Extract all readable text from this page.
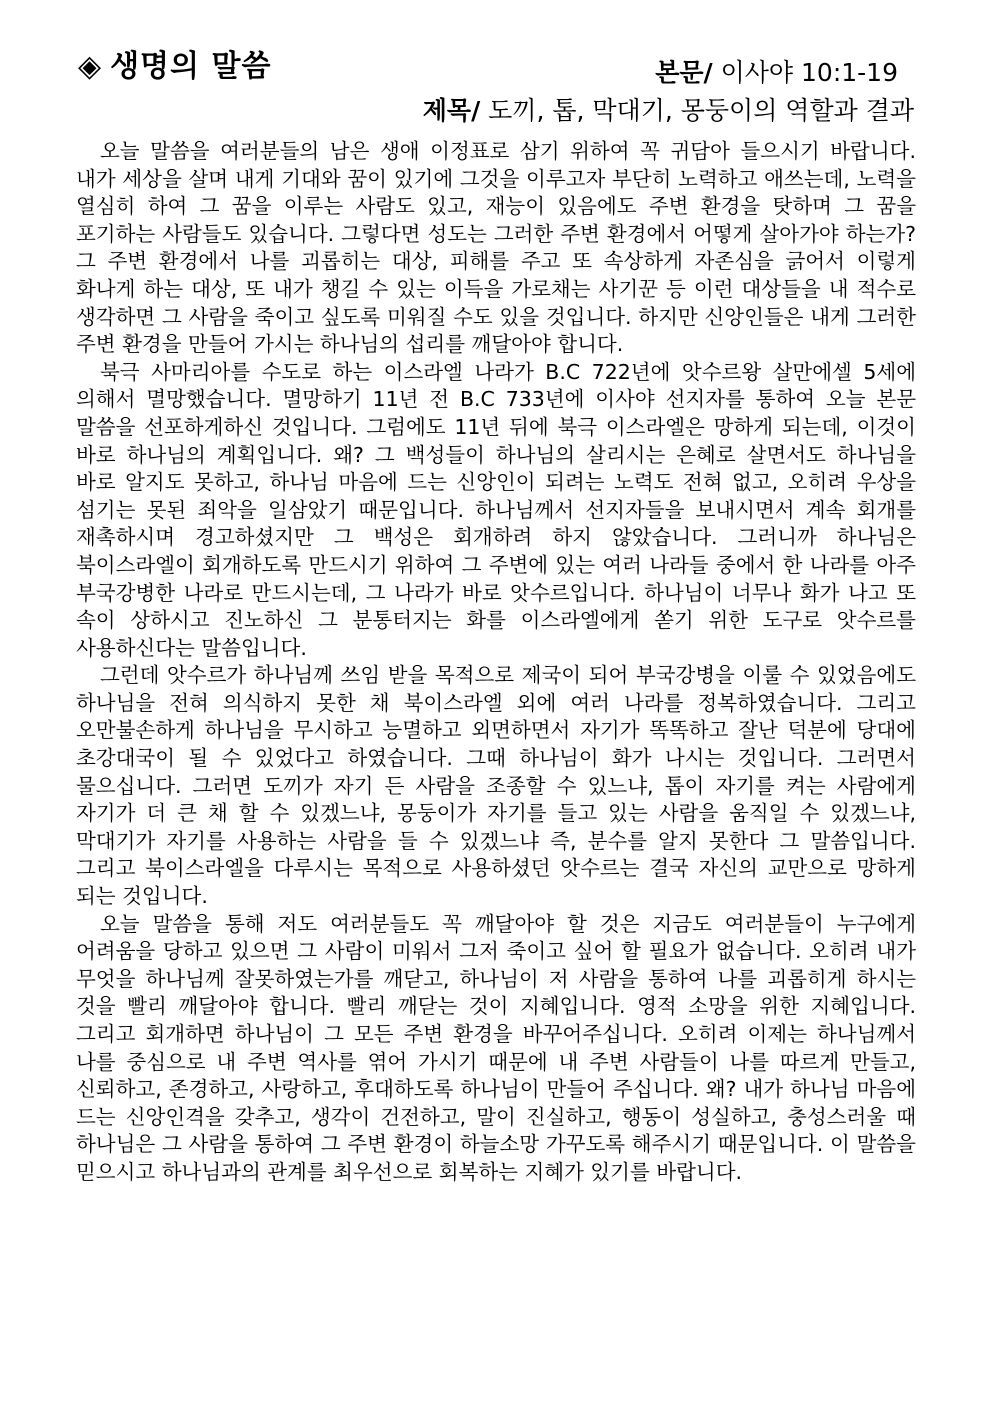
◈ 생명의 말씀	본문/ 이사야 10:1-19
제목/ 도끼, 톱, 막대기, 몽둥이의 역할과 결과

오늘 말씀을 여러분들의 남은 생애 이정표로 삼기 위하여 꼭 귀담아 들으시기 바랍니다. 내가 세상을 살며 내게 기대와 꿈이 있기에 그것을 이루고자 부단히 노력하고 애쓰는데, 노력을 열심히 하여 그 꿈을 이루는 사람도 있고, 재능이 있음에도 주변 환경을 탓하며 그 꿈을 포기하는 사람들도 있습니다. 그렇다면 성도는 그러한 주변 환경에서 어떻게 살아가야 하는가? 그 주변 환경에서 나를 괴롭히는 대상, 피해를 주고 또 속상하게 자존심을 긁어서 이렇게 화나게 하는 대상, 또 내가 챙길 수 있는 이득을 가로채는 사기꾼 등 이런 대상들을 내 적수로 생각하면 그 사람을 죽이고 싶도록 미워질 수도 있을 것입니다. 하지만 신앙인들은 내게 그러한 주변 환경을 만들어 가시는 하나님의 섭리를 깨달아야 합니다.

북극 사마리아를 수도로 하는 이스라엘 나라가 B.C 722년에 앗수르왕 살만에셀 5세에 의해서 멸망했습니다. 멸망하기 11년 전 B.C 733년에 이사야 선지자를 통하여 오늘 본문 말씀을 선포하게하신 것입니다. 그럼에도 11년 뒤에 북극 이스라엘은 망하게 되는데, 이것이 바로 하나님의 계획입니다. 왜? 그 백성들이 하나님의 살리시는 은혜로 살면서도 하나님을 바로 알지도 못하고, 하나님 마음에 드는 신앙인이 되려는 노력도 전혀 없고, 오히려 우상을 섬기는 못된 죄악을 일삼았기 때문입니다. 하나님께서 선지자들을 보내시면서 계속 회개를 재촉하시며 경고하셨지만 그 백성은 회개하려 하지 않았습니다. 그러니까 하나님은 북이스라엘이 회개하도록 만드시기 위하여 그 주변에 있는 여러 나라들 중에서 한 나라를 아주 부국강병한 나라로 만드시는데, 그 나라가 바로 앗수르입니다. 하나님이 너무나 화가 나고 또 속이 상하시고 진노하신 그 분통터지는 화를 이스라엘에게 쏟기 위한 도구로 앗수르를 사용하신다는 말씀입니다.

그런데 앗수르가 하나님께 쓰임 받을 목적으로 제국이 되어 부국강병을 이룰 수 있었음에도 하나님을 전혀 의식하지 못한 채 북이스라엘 외에 여러 나라를 정복하였습니다. 그리고 오만불손하게 하나님을 무시하고 능멸하고 외면하면서 자기가 똑똑하고 잘난 덕분에 당대에 초강대국이 될 수 있었다고 하였습니다. 그때 하나님이 화가 나시는 것입니다. 그러면서 물으십니다. 그러면 도끼가 자기 든 사람을 조종할 수 있느냐, 톱이 자기를 켜는 사람에게 자기가 더 큰 채 할 수 있겠느냐, 몽둥이가 자기를 들고 있는 사람을 움직일 수 있겠느냐, 막대기가 자기를 사용하는 사람을 들 수 있겠느냐 즉, 분수를 알지 못한다 그 말씀입니다. 그리고 북이스라엘을 다루시는 목적으로 사용하셨던 앗수르는 결국 자신의 교만으로 망하게 되는 것입니다.

오늘 말씀을 통해 저도 여러분들도 꼭 깨달아야 할 것은 지금도 여러분들이 누구에게 어려움을 당하고 있으면 그 사람이 미워서 그저 죽이고 싶어 할 필요가 없습니다. 오히려 내가 무엇을 하나님께 잘못하였는가를 깨닫고, 하나님이 저 사람을 통하여 나를 괴롭히게 하시는 것을 빨리 깨달아야 합니다. 빨리 깨닫는 것이 지혜입니다. 영적 소망을 위한 지혜입니다. 그리고 회개하면 하나님이 그 모든 주변 환경을 바꾸어주십니다. 오히려 이제는 하나님께서 나를 중심으로 내 주변 역사를 엮어 가시기 때문에 내 주변 사람들이 나를 따르게 만들고, 신뢰하고, 존경하고, 사랑하고, 후대하도록 하나님이 만들어 주십니다. 왜? 내가 하나님 마음에 드는 신앙인격을 갖추고, 생각이 건전하고, 말이 진실하고, 행동이 성실하고, 충성스러울 때 하나님은 그 사람을 통하여 그 주변 환경이 하늘소망 가꾸도록 해주시기 때문입니다. 이 말씀을 믿으시고 하나님과의 관계를 최우선으로 회복하는 지혜가 있기를 바랍니다.
